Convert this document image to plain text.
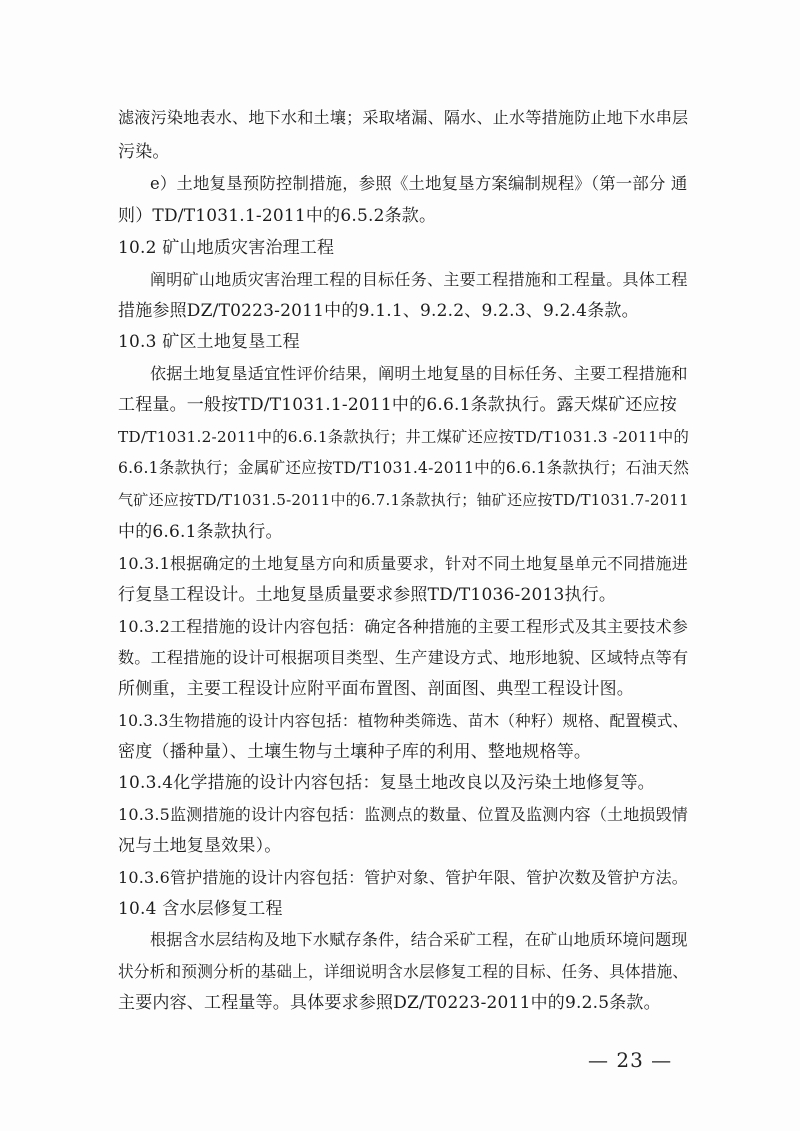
滤液污染地表水、地下水和土壤；采取堵漏、隔水、止水等措施防止地下水串层
污染。
e）土地复垦预防控制措施，参照《土地复垦方案编制规程》（第一部分 通
则）TD/T1031.1-2011中的6.5.2条款。
10.2 矿山地质灾害治理工程
阐明矿山地质灾害治理工程的目标任务、主要工程措施和工程量。具体工程
措施参照DZ/T0223-2011中的9.1.1、9.2.2、9.2.3、9.2.4条款。
10.3 矿区土地复垦工程
依据土地复垦适宜性评价结果，阐明土地复垦的目标任务、主要工程措施和
工程量。一般按TD/T1031.1-2011中的6.6.1条款执行。露天煤矿还应按
TD/T1031.2-2011中的6.6.1条款执行；井工煤矿还应按TD/T1031.3 -2011中的
6.6.1条款执行；金属矿还应按TD/T1031.4-2011中的6.6.1条款执行；石油天然
气矿还应按TD/T1031.5-2011中的6.7.1条款执行；铀矿还应按TD/T1031.7-2011
中的6.6.1条款执行。
10.3.1根据确定的土地复垦方向和质量要求，针对不同土地复垦单元不同措施进
行复垦工程设计。土地复垦质量要求参照TD/T1036-2013执行。
10.3.2工程措施的设计内容包括：确定各种措施的主要工程形式及其主要技术参
数。工程措施的设计可根据项目类型、生产建设方式、地形地貌、区域特点等有
所侧重，主要工程设计应附平面布置图、剖面图、典型工程设计图。
10.3.3生物措施的设计内容包括：植物种类筛选、苗木（种籽）规格、配置模式、
密度（播种量）、土壤生物与土壤种子库的利用、整地规格等。
10.3.4化学措施的设计内容包括：复垦土地改良以及污染土地修复等。
10.3.5监测措施的设计内容包括：监测点的数量、位置及监测内容（土地损毁情
况与土地复垦效果）。
10.3.6管护措施的设计内容包括：管护对象、管护年限、管护次数及管护方法。
10.4 含水层修复工程
根据含水层结构及地下水赋存条件，结合采矿工程，在矿山地质环境问题现
状分析和预测分析的基础上，详细说明含水层修复工程的目标、任务、具体措施、
主要内容、工程量等。具体要求参照DZ/T0223-2011中的9.2.5条款。
— 23 —
